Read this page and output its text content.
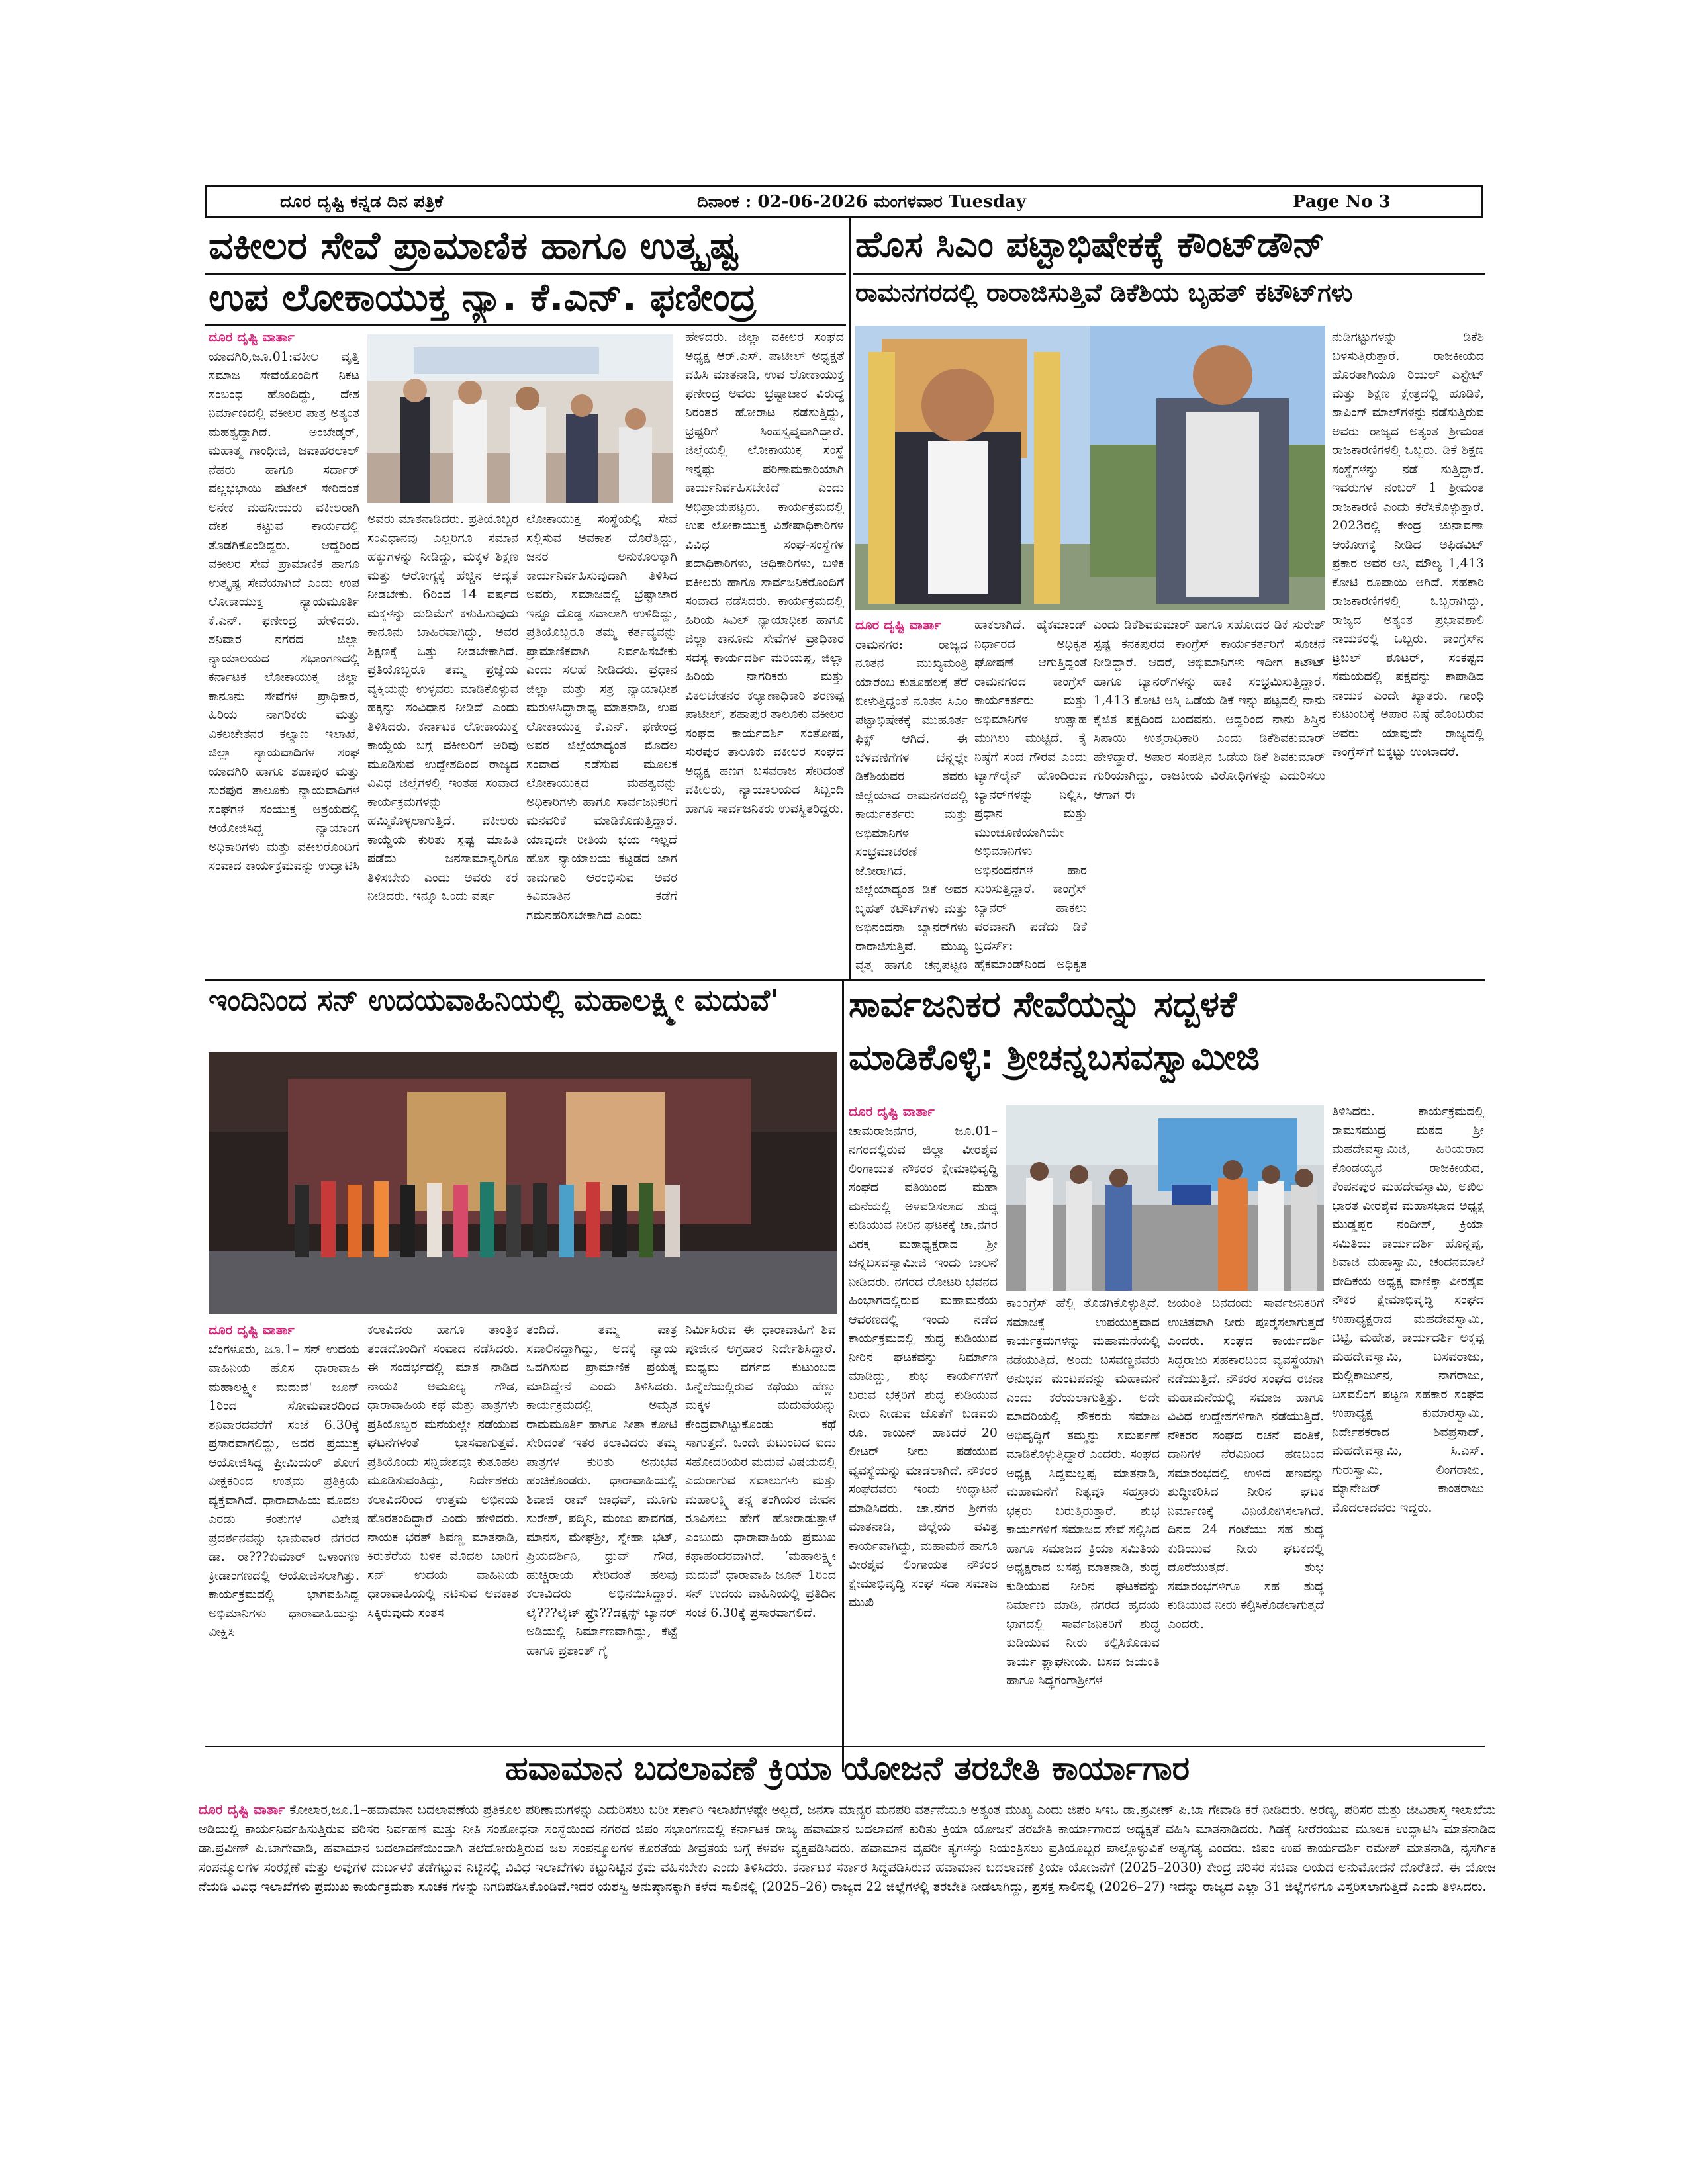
ದೂರ ದೃಷ್ಟಿ ಕನ್ನಡ ದಿನ ಪತ್ರಿಕೆ	ದಿನಾಂಕ : 02-06-2026 ಮಂಗಳವಾರ Tuesday	Page No 3
ವಕೀಲರ ಸೇವೆ ಪ್ರಾಮಾಣಿಕ ಹಾಗೂ ಉತ್ಕೃಷ್ಟ
ಉಪ ಲೋಕಾಯುಕ್ತ ನ್ಯಾ. ಕೆ.ಎನ್. ಫಣೀಂದ್ರ
ದೂರ ದೃಷ್ಟಿ ವಾರ್ತಾ
ಯಾದಗಿರಿ,ಜೂ.01:ವಕೀಲ ವೃತ್ತಿ ಸಮಾಜ ಸೇವೆಯೊಂದಿಗೆ ನಿಕಟ ಸಂಬಂಧ ಹೊಂದಿದ್ದು, ದೇಶ ನಿರ್ಮಾಣದಲ್ಲಿ ವಕೀಲರ ಪಾತ್ರ ಅತ್ಯಂತ ಮಹತ್ವದ್ದಾಗಿದೆ. ಅಂಬೇಡ್ಕರ್, ಮಹಾತ್ಮ ಗಾಂಧೀಜಿ, ಜವಾಹರಲಾಲ್ ನೆಹರು ಹಾಗೂ ಸರ್ದಾರ್ ವಲ್ಲಭಭಾಯಿ ಪಟೇಲ್ ಸೇರಿದಂತೆ ಅನೇಕ ಮಹನೀಯರು ವಕೀಲರಾಗಿ ದೇಶ ಕಟ್ಟುವ ಕಾರ್ಯದಲ್ಲಿ ತೊಡಗಿಕೊಂಡಿದ್ದರು. ಆದ್ದರಿಂದ ವಕೀಲರ ಸೇವೆ ಪ್ರಾಮಾಣಿಕ ಹಾಗೂ ಉತ್ಕೃಷ್ಟ ಸೇವೆಯಾಗಿದೆ ಎಂದು ಉಪ ಲೋಕಾಯುಕ್ತ ನ್ಯಾಯಮೂರ್ತಿ ಕೆ.ಎನ್. ಫಣೀಂದ್ರ ಹೇಳಿದರು. ಶನಿವಾರ ನಗರದ ಜಿಲ್ಲಾ ನ್ಯಾಯಾಲಯದ ಸಭಾಂಗಣದಲ್ಲಿ ಕರ್ನಾಟಕ ಲೋಕಾಯುಕ್ತ ಜಿಲ್ಲಾ ಕಾನೂನು ಸೇವೆಗಳ ಪ್ರಾಧಿಕಾರ, ಹಿರಿಯ ನಾಗರಿಕರು ಮತ್ತು ವಿಕಲಚೇತನರ ಕಲ್ಯಾಣ ಇಲಾಖೆ, ಜಿಲ್ಲಾ ನ್ಯಾಯವಾದಿಗಳ ಸಂಘ ಯಾದಗಿರಿ ಹಾಗೂ ಶಹಾಪುರ ಮತ್ತು ಸುರಪುರ ತಾಲೂಕು ನ್ಯಾಯವಾದಿಗಳ ಸಂಘಗಳ ಸಂಯುಕ್ತ ಆಶ್ರಯದಲ್ಲಿ ಆಯೋಜಿಸಿದ್ದ ನ್ಯಾಯಾಂಗ ಅಧಿಕಾರಿಗಳು ಮತ್ತು ವಕೀಲರೊಂದಿಗೆ ಸಂವಾದ ಕಾರ್ಯಕ್ರಮವನ್ನು ಉದ್ಘಾಟಿಸಿ
ಅವರು ಮಾತನಾಡಿದರು. ಪ್ರತಿಯೊಬ್ಬರ ಸಂವಿಧಾನವು ಎಲ್ಲರಿಗೂ ಸಮಾನ ಹಕ್ಕುಗಳನ್ನು ನೀಡಿದ್ದು, ಮಕ್ಕಳ ಶಿಕ್ಷಣ ಮತ್ತು ಆರೋಗ್ಯಕ್ಕೆ ಹೆಚ್ಚಿನ ಆದ್ಯತೆ ನೀಡಬೇಕು. 6ರಿಂದ 14 ವರ್ಷದ ಮಕ್ಕಳನ್ನು ದುಡಿಮೆಗೆ ಕಳುಹಿಸುವುದು ಕಾನೂನು ಬಾಹಿರವಾಗಿದ್ದು, ಅವರ ಶಿಕ್ಷಣಕ್ಕೆ ಒತ್ತು ನೀಡಬೇಕಾಗಿದೆ. ಪ್ರತಿಯೊಬ್ಬರೂ ತಮ್ಮ ಪ್ರಜ್ಞೆಯ ವ್ಯಕ್ತಿಯನ್ನು ಉಳ್ಳವರು ಮಾಡಿಕೊಳ್ಳುವ ಹಕ್ಕನ್ನು ಸಂವಿಧಾನ ನೀಡಿದೆ ಎಂದು ತಿಳಿಸಿದರು. ಕರ್ನಾಟಕ ಲೋಕಾಯುಕ್ತ ಕಾಯ್ದೆಯ ಬಗ್ಗೆ ವಕೀಲರಿಗೆ ಅರಿವು ಮೂಡಿಸುವ ಉದ್ದೇಶದಿಂದ ರಾಜ್ಯದ ವಿವಿಧ ಜಿಲ್ಲೆಗಳಲ್ಲಿ ಇಂತಹ ಸಂವಾದ ಕಾರ್ಯಕ್ರಮಗಳನ್ನು ಹಮ್ಮಿಕೊಳ್ಳಲಾಗುತ್ತಿದೆ. ವಕೀಲರು ಕಾಯ್ದೆಯ ಕುರಿತು ಸ್ಪಷ್ಟ ಮಾಹಿತಿ ಪಡೆದು ಜನಸಾಮಾನ್ಯರಿಗೂ ತಿಳಿಸಬೇಕು ಎಂದು ಅವರು ಕರೆ ನೀಡಿದರು. ಇನ್ನೂ ಒಂದು ವರ್ಷ
ಲೋಕಾಯುಕ್ತ ಸಂಸ್ಥೆಯಲ್ಲಿ ಸೇವೆ ಸಲ್ಲಿಸುವ ಅವಕಾಶ ದೊರೆತ್ತಿದ್ದು, ಜನರ ಅನುಕೂಲಕ್ಕಾಗಿ ಕಾರ್ಯನಿರ್ವಹಿಸುವುದಾಗಿ ತಿಳಿಸಿದ ಅವರು, ಸಮಾಜದಲ್ಲಿ ಭ್ರಷ್ಟಾಚಾರ ಇನ್ನೂ ದೊಡ್ಡ ಸವಾಲಾಗಿ ಉಳಿದಿದ್ದು, ಪ್ರತಿಯೊಬ್ಬರೂ ತಮ್ಮ ಕರ್ತವ್ಯವನ್ನು ಪ್ರಾಮಾಣಿಕವಾಗಿ ನಿರ್ವಹಿಸಬೇಕು ಎಂದು ಸಲಹೆ ನೀಡಿದರು. ಪ್ರಧಾನ ಜಿಲ್ಲಾ ಮತ್ತು ಸತ್ರ ನ್ಯಾಯಾಧೀಶ ಮರುಳಸಿದ್ಧಾರಾಧ್ಯ ಮಾತನಾಡಿ, ಉಪ ಲೋಕಾಯುಕ್ತ ಕೆ.ಎನ್. ಫಣೀಂದ್ರ ಅವರ ಜಿಲ್ಲೆಯಾದ್ಯಂತ ಮೊದಲ ಸಂವಾದ ನಡೆಸುವ ಮೂಲಕ ಲೋಕಾಯುಕ್ತದ ಮಹತ್ವವನ್ನು ಅಧಿಕಾರಿಗಳು ಹಾಗೂ ಸಾರ್ವಜನಿಕರಿಗೆ ಮನವರಿಕೆ ಮಾಡಿಕೊಡುತ್ತಿದ್ದಾರೆ. ಯಾವುದೇ ರೀತಿಯ ಭಯ ಇಲ್ಲದೆ ಹೊಸ ನ್ಯಾಯಾಲಯ ಕಟ್ಟಡದ ಜಾಗ ಕಾಮಗಾರಿ ಆರಂಭಿಸುವ ಅವರ ಕಿವಿಮಾತಿನ ಕಡೆಗೆ ಗಮನಹರಿಸಬೇಕಾಗಿದೆ ಎಂದು
ಹೇಳಿದರು. ಜಿಲ್ಲಾ ವಕೀಲರ ಸಂಘದ ಅಧ್ಯಕ್ಷ ಆರ್.ಎಸ್. ಪಾಟೀಲ್ ಅಧ್ಯಕ್ಷತೆ ವಹಿಸಿ ಮಾತನಾಡಿ, ಉಪ ಲೋಕಾಯುಕ್ತ ಫಣೀಂದ್ರ ಅವರು ಭ್ರಷ್ಟಾಚಾರ ವಿರುದ್ಧ ನಿರಂತರ ಹೋರಾಟ ನಡೆಸುತ್ತಿದ್ದು, ಭ್ರಷ್ಟರಿಗೆ ಸಿಂಹಸ್ವಪ್ನವಾಗಿದ್ದಾರೆ. ಜಿಲ್ಲೆಯಲ್ಲಿ ಲೋಕಾಯುಕ್ತ ಸಂಸ್ಥೆ ಇನ್ನಷ್ಟು ಪರಿಣಾಮಕಾರಿಯಾಗಿ ಕಾರ್ಯನಿರ್ವಹಿಸಬೇಕಿದೆ ಎಂದು ಅಭಿಪ್ರಾಯಪಟ್ಟರು. ಕಾರ್ಯಕ್ರಮದಲ್ಲಿ ಉಪ ಲೋಕಾಯುಕ್ತ ವಿಶೇಷಾಧಿಕಾರಿಗಳ ವಿವಿಧ ಸಂಘ-ಸಂಸ್ಥೆಗಳ ಪದಾಧಿಕಾರಿಗಳು, ಅಧಿಕಾರಿಗಳು, ಬಳಿಕ ವಕೀಲರು ಹಾಗೂ ಸಾರ್ವಜನಿಕರೊಂದಿಗೆ ಸಂವಾದ ನಡೆಸಿದರು. ಕಾರ್ಯಕ್ರಮದಲ್ಲಿ ಹಿರಿಯ ಸಿವಿಲ್ ನ್ಯಾಯಾಧೀಶ ಹಾಗೂ ಜಿಲ್ಲಾ ಕಾನೂನು ಸೇವೆಗಳ ಪ್ರಾಧಿಕಾರ ಸದಸ್ಯ ಕಾರ್ಯದರ್ಶಿ ಮರಿಯಪ್ಪ, ಜಿಲ್ಲಾ ಹಿರಿಯ ನಾಗರಿಕರು ಮತ್ತು ವಿಕಲಚೇತನರ ಕಲ್ಯಾಣಾಧಿಕಾರಿ ಶರಣಪ್ಪ ಪಾಟೀಲ್, ಶಹಾಪುರ ತಾಲೂಕು ವಕೀಲರ ಸಂಘದ ಕಾರ್ಯದರ್ಶಿ ಸಂತೋಷ, ಸುರಪುರ ತಾಲೂಕು ವಕೀಲರ ಸಂಘದ ಅಧ್ಯಕ್ಷ ಹಣಗ ಬಸವರಾಜ ಸೇರಿದಂತೆ ವಕೀಲರು, ನ್ಯಾಯಾಲಯದ ಸಿಬ್ಬಂದಿ ಹಾಗೂ ಸಾರ್ವಜನಿಕರು ಉಪಸ್ಥಿತರಿದ್ದರು.
ಹೊಸ ಸಿಎಂ ಪಟ್ಟಾಭಿಷೇಕಕ್ಕೆ ಕೌಂಟ್‌ಡೌನ್
ರಾಮನಗರದಲ್ಲಿ ರಾರಾಜಿಸುತ್ತಿವೆ ಡಿಕೆಶಿಯ ಬೃಹತ್ ಕಟೌಟ್‌ಗಳು
ನುಡಿಗಟ್ಟುಗಳನ್ನು ಡಿಕೆಶಿ ಬಳಸುತ್ತಿರುತ್ತಾರೆ. ರಾಜಕೀಯದ ಹೊರತಾಗಿಯೂ ರಿಯಲ್ ಎಸ್ಟೇಟ್ ಮತ್ತು ಶಿಕ್ಷಣ ಕ್ಷೇತ್ರದಲ್ಲಿ ಹೂಡಿಕೆ, ಶಾಪಿಂಗ್ ಮಾಲ್‌ಗಳನ್ನು ನಡೆಸುತ್ತಿರುವ ಅವರು ರಾಜ್ಯದ ಅತ್ಯಂತ ಶ್ರೀಮಂತ ರಾಜಕಾರಣಿಗಳಲ್ಲಿ ಒಬ್ಬರು. ಡಿಕೆ ಶಿಕ್ಷಣ ಸಂಸ್ಥೆಗಳನ್ನು ನಡೆ ಸುತ್ತಿದ್ದಾರೆ. ಇವರುಗಳ ನಂಬರ್ 1 ಶ್ರೀಮಂತ ರಾಜಕಾರಣಿ ಎಂದು ಕರೆಸಿಕೊಳ್ಳುತ್ತಾರೆ. 2023ರಲ್ಲಿ ಕೇಂದ್ರ ಚುನಾವಣಾ ಆಯೋಗಕ್ಕೆ ನೀಡಿದ ಅಫಿಡವಿಟ್ ಪ್ರಕಾರ ಅವರ ಆಸ್ತಿ ಮೌಲ್ಯ 1,413 ಕೋಟಿ ರೂಪಾಯಿ ಆಗಿದೆ. ಸಹಕಾರಿ ರಾಜಕಾರಣಿಗಳಲ್ಲಿ ಒಬ್ಬರಾಗಿದ್ದು, ರಾಜ್ಯದ ಅತ್ಯಂತ ಪ್ರಭಾವಶಾಲಿ ನಾಯಕರಲ್ಲಿ ಒಬ್ಬರು. ಕಾಂಗ್ರೆಸ್‌ನ ಟ್ರಬಲ್ ಶೂಟರ್, ಸಂಕಷ್ಟದ ಸಮಯದಲ್ಲಿ ಪಕ್ಷವನ್ನು ಕಾಪಾಡಿದ ನಾಯಕ ಎಂದೇ ಖ್ಯಾತರು. ಗಾಂಧಿ ಕುಟುಂಬಕ್ಕೆ ಅಪಾರ ನಿಷ್ಠೆ ಹೊಂದಿರುವ ಅವರು ಯಾವುದೇ ರಾಜ್ಯದಲ್ಲಿ ಕಾಂಗ್ರೆಸ್‌ಗೆ ಬಿಕ್ಕಟ್ಟು ಉಂಟಾದರೆ.
ದೂರ ದೃಷ್ಟಿ ವಾರ್ತಾ
ರಾಮನಗರ: ರಾಜ್ಯದ ನೂತನ ಮುಖ್ಯಮಂತ್ರಿ ಯಾರೆಂಬ ಕುತೂಹಲಕ್ಕೆ ತೆರೆ ಬೀಳುತ್ತಿದ್ದಂತೆ ನೂತನ ಸಿಎಂ ಪಟ್ಟಾಭಿಷೇಕಕ್ಕೆ ಮುಹೂರ್ತ ಫಿಕ್ಸ್ ಆಗಿದೆ. ಈ ಬೆಳವಣಿಗೆಗಳ ಬೆನ್ನಲ್ಲೇ ಡಿಕೆಶಿಯವರ ತವರು ಜಿಲ್ಲೆಯಾದ ರಾಮನಗರದಲ್ಲಿ ಕಾರ್ಯಕರ್ತರು ಮತ್ತು ಅಭಿಮಾನಿಗಳ ಸಂಭ್ರಮಾಚರಣೆ ಜೋರಾಗಿದೆ. ಜಿಲ್ಲೆಯಾದ್ಯಂತ ಡಿಕೆ ಅವರ ಬೃಹತ್ ಕಟೌಟ್‌ಗಳು ಮತ್ತು ಅಭಿನಂದನಾ ಬ್ಯಾನರ್‌ಗಳು ರಾರಾಜಿಸುತ್ತಿವೆ. ಮುಖ್ಯ ವೃತ್ತ ಹಾಗೂ ಚನ್ನಪಟ್ಟಣ
ಹಾಕಲಾಗಿದೆ. ಹೈಕಮಾಂಡ್ ನಿರ್ಧಾರದ ಅಧಿಕೃತ ಘೋಷಣೆ ಆಗುತ್ತಿದ್ದಂತೆ ರಾಮನಗರದ ಕಾಂಗ್ರೆಸ್ ಕಾರ್ಯಕರ್ತರು ಮತ್ತು ಅಭಿಮಾನಿಗಳ ಉತ್ಸಾಹ ಮುಗಿಲು ಮುಟ್ಟಿದೆ. ಕೈ ನಿಷ್ಠೆಗೆ ಸಂದ ಗೌರವ ಎಂದು ಟ್ಯಾಗ್‌ಲೈನ್ ಹೊಂದಿರುವ ಬ್ಯಾನರ್‌ಗಳನ್ನು ನಿಲ್ಲಿಸಿ, ಪ್ರಧಾನ ಮತ್ತು ಮುಂಚೂಣಿಯಾಗಿಯೇ ಅಭಿಮಾನಿಗಳು ಅಭಿನಂದನೆಗಳ ಹಾರ ಸುರಿಸುತ್ತಿದ್ದಾರೆ. ಕಾಂಗ್ರೆಸ್ ಬ್ಯಾನರ್ ಹಾಕಲು ಪರವಾನಗಿ ಪಡೆದು ಡಿಕೆ ಬ್ರದರ್ಸ್: ಹೈಕಮಾಂಡ್‌ನಿಂದ ಅಧಿಕೃತ
ಎಂದು ಡಿಕೆಶಿವಕುಮಾರ್ ಹಾಗೂ ಸಹೋದರ ಡಿಕೆ ಸುರೇಶ್ ಸ್ಪಷ್ಟ ಕನಕಪುರದ ಕಾಂಗ್ರೆಸ್ ಕಾರ್ಯಕರ್ತರಿಗೆ ಸೂಚನೆ ನೀಡಿದ್ದಾರೆ. ಆದರೆ, ಅಭಿಮಾನಿಗಳು ಇದೀಗ ಕಟೌಟ್ ಹಾಗೂ ಬ್ಯಾನರ್‌ಗಳನ್ನು ಹಾಕಿ ಸಂಭ್ರಮಿಸುತ್ತಿದ್ದಾರೆ. 1,413 ಕೋಟಿ ಆಸ್ತಿ ಒಡೆಯ ಡಿಕೆ ಇನ್ನು ಪಟ್ಟದಲ್ಲಿ ನಾನು ಕೈಜಿತ ಪಕ್ಷದಿಂದ ಬಂದವನು. ಆದ್ದರಿಂದ ನಾನು ಶಿಸ್ತಿನ ಸಿಪಾಯಿ ಉತ್ತರಾಧಿಕಾರಿ ಎಂದು ಡಿಕೆಶಿವಕುಮಾರ್ ಹೇಳಿದ್ದಾರೆ. ಅಪಾರ ಸಂಪತ್ತಿನ ಒಡೆಯ ಡಿಕೆ ಶಿವಕುಮಾರ್ ಗುರಿಯಾಗಿದ್ದು, ರಾಜಕೀಯ ವಿರೋಧಿಗಳನ್ನು ಎದುರಿಸಲು ಆಗಾಗ ಈ
ಇಂದಿನಿಂದ ಸನ್ ಉದಯವಾಹಿನಿಯಲ್ಲಿ ಮಹಾಲಕ್ಷ್ಮೀ ಮದುವೆ'
ದೂರ ದೃಷ್ಟಿ ವಾರ್ತಾ
ಬೆಂಗಳೂರು, ಜೂ.1– ಸನ್ ಉದಯ ವಾಹಿನಿಯ ಹೊಸ ಧಾರಾವಾಹಿ ಮಹಾಲಕ್ಷ್ಮೀ ಮದುವೆ' ಜೂನ್ 1ರಿಂದ ಸೋಮವಾರದಿಂದ ಶನಿವಾರದವರೆಗೆ ಸಂಜೆ 6.30ಕ್ಕೆ ಪ್ರಸಾರವಾಗಲಿದ್ದು, ಅದರ ಪ್ರಯುಕ್ತ ಆಯೋಜಿಸಿದ್ದ ಪ್ರೀಮಿಯರ್ ಶೋಗೆ ವೀಕ್ಷಕರಿಂದ ಉತ್ತಮ ಪ್ರತಿಕ್ರಿಯೆ ವ್ಯಕ್ತವಾಗಿದೆ. ಧಾರಾವಾಹಿಯ ಮೊದಲ ಎರಡು ಕಂತುಗಳ ವಿಶೇಷ ಪ್ರದರ್ಶನವನ್ನು ಭಾನುವಾರ ನಗರದ ಡಾ. ರಾ???ಕುಮಾರ್ ಒಳಾಂಗಣ ಕ್ರೀಡಾಂಗಣದಲ್ಲಿ ಆಯೋಜಿಸಲಾಗಿತ್ತು. ಕಾರ್ಯಕ್ರಮದಲ್ಲಿ ಭಾಗವಹಿಸಿದ್ದ ಅಭಿಮಾನಿಗಳು ಧಾರಾವಾಹಿಯನ್ನು ವೀಕ್ಷಿಸಿ
ಕಲಾವಿದರು ಹಾಗೂ ತಾಂತ್ರಿಕ ತಂಡದೊಂದಿಗೆ ಸಂವಾದ ನಡೆಸಿದರು. ಈ ಸಂದರ್ಭದಲ್ಲಿ ಮಾತ ನಾಡಿದ ನಾಯಕಿ ಅಮೂಲ್ಯ ಗೌಡ, ಧಾರಾವಾಹಿಯ ಕಥೆ ಮತ್ತು ಪಾತ್ರಗಳು ಪ್ರತಿಯೊಬ್ಬರ ಮನೆಯಲ್ಲೇ ನಡೆಯುವ ಘಟನೆಗಳಂತೆ ಭಾಸವಾಗುತ್ತವೆ. ಪ್ರತಿಯೊಂದು ಸನ್ನಿವೇಶವೂ ಕುತೂಹಲ ಮೂಡಿಸುವಂತಿದ್ದು, ನಿರ್ದೇಶಕರು ಕಲಾವಿದರಿಂದ ಉತ್ತಮ ಅಭಿನಯ ಹೊರತಂದಿದ್ದಾರೆ ಎಂದು ಹೇಳಿದರು. ನಾಯಕ ಭರತ್ ಶಿವಣ್ಣ ಮಾತನಾಡಿ, ಕಿರುತೆರೆಯ ಬಳಿಕ ಮೊದಲ ಬಾರಿಗೆ ಸನ್ ಉದಯ ವಾಹಿನಿಯ ಧಾರಾವಾಹಿಯಲ್ಲಿ ನಟಿಸುವ ಅವಕಾಶ ಸಿಕ್ಕಿರುವುದು ಸಂತಸ
ತಂದಿದೆ. ತಮ್ಮ ಪಾತ್ರ ಸವಾಲಿನದ್ದಾಗಿದ್ದು, ಅದಕ್ಕೆ ನ್ಯಾಯ ಒದಗಿಸುವ ಪ್ರಾಮಾಣಿಕ ಪ್ರಯತ್ನ ಮಾಡಿದ್ದೇನೆ ಎಂದು ತಿಳಿಸಿದರು. ಕಾರ್ಯಕ್ರಮದಲ್ಲಿ ಅಮೃತ ರಾಮಮೂರ್ತಿ ಹಾಗೂ ಸೀತಾ ಕೋಟಿ ಸೇರಿದಂತೆ ಇತರ ಕಲಾವಿದರು ತಮ್ಮ ಪಾತ್ರಗಳ ಕುರಿತು ಅನುಭವ ಹಂಚಿಕೊಂಡರು. ಧಾರಾವಾಹಿಯಲ್ಲಿ ಶಿವಾಜಿ ರಾವ್ ಜಾಧವ್, ಮೂಗು ಸುರೇಶ್, ಪದ್ಮಿನಿ, ಮಂಜು ಪಾವಗಡ, ಮಾನಸ, ಮೇಘಶ್ರೀ, ಸ್ನೇಹಾ ಭಟ್, ಪ್ರಿಯದರ್ಶಿನಿ, ಧ್ರುವ್ ಗೌಡ, ಹುಚ್ಚಿರಾಯ ಸೇರಿದಂತೆ ಹಲವು ಕಲಾವಿದರು ಅಭಿನಯಿಸಿದ್ದಾರೆ. ಲೈ???ಲೈಟ್ ಫ್ರೊ??ಡಕ್ಷನ್ಸ್ ಬ್ಯಾನರ್ ಅಡಿಯಲ್ಲಿ ನಿರ್ಮಾಣವಾಗಿದ್ದು, ಕೆಟ್ಟೆ ಹಾಗೂ ಪ್ರಶಾಂತ್ ಗೈ
ನಿರ್ಮಿಸಿರುವ ಈ ಧಾರಾವಾಹಿಗೆ ಶಿವ ಪೂಜೀನ ಅಗ್ರಹಾರ ನಿರ್ದೇಶಿಸಿದ್ದಾರೆ. ಮಧ್ಯಮ ವರ್ಗದ ಕುಟುಂಬದ ಹಿನ್ನೆಲೆಯಲ್ಲಿರುವ ಕಥೆಯು ಹೆಣ್ಣು ಮಕ್ಕಳ ಮದುವೆಯನ್ನು ಕೇಂದ್ರವಾಗಿಟ್ಟುಕೊಂಡು ಕಥೆ ಸಾಗುತ್ತದೆ. ಒಂದೇ ಕುಟುಂಬದ ಐದು ಸಹೋದರಿಯರ ಮದುವೆ ವಿಷಯದಲ್ಲಿ ಎದುರಾಗುವ ಸವಾಲುಗಳು ಮತ್ತು ಮಹಾಲಕ್ಷ್ಮಿ ತನ್ನ ತಂಗಿಯರ ಜೀವನ ರೂಪಿಸಲು ಹೇಗೆ ಹೋರಾಡುತ್ತಾಳೆ ಎಂಬುದು ಧಾರಾವಾಹಿಯ ಪ್ರಮುಖ ಕಥಾಹಂದರವಾಗಿದೆ. ‘ಮಹಾಲಕ್ಷ್ಮೀ ಮದುವೆ' ಧಾರಾವಾಹಿ ಜೂನ್ 1ರಿಂದ ಸನ್ ಉದಯ ವಾಹಿನಿಯಲ್ಲಿ ಪ್ರತಿದಿನ ಸಂಜೆ 6.30ಕ್ಕೆ ಪ್ರಸಾರವಾಗಲಿದೆ.
ಸಾರ್ವಜನಿಕರ ಸೇವೆಯನ್ನು ಸದ್ಬಳಕೆ
ಮಾಡಿಕೊಳ್ಳಿ: ಶ್ರೀಚನ್ನಬಸವಸ್ವಾಮೀಜಿ
ದೂರ ದೃಷ್ಟಿ ವಾರ್ತಾ
ಚಾಮರಾಜನಗರ, ಜೂ.01– ನಗರದಲ್ಲಿರುವ ಜಿಲ್ಲಾ ವೀರಶೈವ ಲಿಂಗಾಯತ ನೌಕರರ ಕ್ಷೇಮಾಭಿವೃದ್ಧಿ ಸಂಘದ ವತಿಯಿಂದ ಮಹಾ ಮನೆಯಲ್ಲಿ ಅಳವಡಿಸಲಾದ ಶುದ್ಧ ಕುಡಿಯುವ ನೀರಿನ ಘಟಕಕ್ಕೆ ಚಾ.ನಗರ ವಿರಕ್ತ ಮಠಾಧ್ಯಕ್ಷರಾದ ಶ್ರೀ ಚನ್ನಬಸವಸ್ವಾಮೀಜಿ ಇಂದು ಚಾಲನೆ ನೀಡಿದರು. ನಗರದ ರೋಟರಿ ಭವನದ ಹಿಂಭಾಗದಲ್ಲಿರುವ ಮಹಾಮನೆಯ ಆವರಣದಲ್ಲಿ ಇಂದು ನಡೆದ ಕಾರ್ಯಕ್ರಮದಲ್ಲಿ ಶುದ್ಧ ಕುಡಿಯುವ ನೀರಿನ ಘಟಕವನ್ನು ನಿರ್ಮಾಣ ಮಾಡಿದ್ದು, ಶುಭ ಕಾರ್ಯಗಳಿಗೆ ಬರುವ ಭಕ್ತರಿಗೆ ಶುದ್ಧ ಕುಡಿಯುವ ನೀರು ನೀಡುವ ಜೊತೆಗೆ ಬಡವರು ರೂ. ಕಾಯಿನ್ ಹಾಕಿದರೆ 20 ಲೀಟರ್ ನೀರು ಪಡೆಯುವ ವ್ಯವಸ್ಥೆಯನ್ನು ಮಾಡಲಾಗಿದೆ. ನೌಕರರ ಸಂಘದವರು ಇಂದು ಉದ್ಘಾಟನೆ ಮಾಡಿಸಿದರು. ಚಾ.ನಗರ ಶ್ರೀಗಳು ಮಾತನಾಡಿ, ಜಿಲ್ಲೆಯ ಪವಿತ್ರ ಕಾರ್ಯವಾಗಿದ್ದು, ಮಹಾಮನೆ ಹಾಗೂ ವೀರಶೈವ ಲಿಂಗಾಯತ ನೌಕರರ ಕ್ಷೇಮಾಭಿವೃದ್ಧಿ ಸಂಘ ಸದಾ ಸಮಾಜ ಮುಖಿ
ತಿಳಿಸಿದರು. ಕಾರ್ಯಕ್ರಮದಲ್ಲಿ ರಾಮಸಮುದ್ರ ಮಠದ ಶ್ರೀ ಮಹದೇವಸ್ವಾಮಿಜಿ, ಹಿರಿಯರಾದ ಕೊಂಡಯ್ಯನ ರಾಜಕೀಯದ, ಕೆಂಪನಪುರ ಮಹದೇವಸ್ವಾಮಿ, ಅಖಿಲ ಭಾರತ ವೀರಶೈವ ಮಹಾಸಭಾದ ಅಧ್ಯಕ್ಷ ಮುಡ್ಡಪ್ಪರ ನಂದೀಶ್, ಕ್ರಿಯಾ ಸಮಿತಿಯ ಕಾರ್ಯದರ್ಶಿ ಹೊನ್ನಪ್ಪ, ಶಿವಾಜಿ ಮಹಾಸ್ವಾಮಿ, ಚಂದನಮಾಲೆ ವೇದಿಕೆಯ ಅಧ್ಯಕ್ಷ ವಾಣಿಕ್ಕಾ ವೀರಶೈವ ನೌಕರ ಕ್ಷೇಮಾಭಿವೃದ್ಧಿ ಸಂಘದ ಉಪಾಧ್ಯಕ್ಷರಾದ ಮಹದೇವಸ್ವಾಮಿ, ಚಿಟ್ಟಿ, ಮಹೇಶ, ಕಾರ್ಯದರ್ಶಿ ಅಕ್ಕಪ್ಪ ಮಹದೇವಸ್ವಾಮಿ, ಬಸವರಾಜು, ಮಲ್ಲಿಕಾರ್ಜುನ, ನಾಗರಾಜು, ಬಸವಲಿಂಗ ಪಟ್ಟಣ ಸಹಕಾರ ಸಂಘದ ಉಪಾಧ್ಯಕ್ಷ ಕುಮಾರಸ್ವಾಮಿ, ನಿರ್ದೇಶಕರಾದ ಶಿವಪ್ರಸಾದ್, ಮಹದೇವಸ್ವಾಮಿ, ಸಿ.ಎಸ್. ಗುರುಸ್ವಾಮಿ, ಲಿಂಗರಾಜು, ಮ್ಯಾನೇಜರ್ ಕಾಂತರಾಜು ಮೊದಲಾದವರು ಇದ್ದರು.
ಕಾಂ೦ಗ್ರೆಸ್ ಹೆಲ್ಲಿ ತೊಡಗಿಕೊಳ್ಳುತ್ತಿದೆ. ಸಮಾಜಕ್ಕೆ ಉಪಯುಕ್ತವಾದ ಕಾರ್ಯಕ್ರಮಗಳನ್ನು ಮಹಾಮನೆಯಲ್ಲಿ ನಡೆಯುತ್ತಿದೆ. ಅಂದು ಬಸವಣ್ಣನವರು ಅನುಭವ ಮಂಟಪವನ್ನು ಮಹಾಮನೆ ಎಂದು ಕರೆಯಲಾಗುತ್ತಿತ್ತು. ಅದೇ ಮಾದರಿಯಲ್ಲಿ ನೌಕರರು ಸಮಾಜ ಅಭಿವೃದ್ಧಿಗೆ ತಮ್ಮನ್ನು ಸಮರ್ಪಣೆ ಮಾಡಿಕೊಳ್ಳುತ್ತಿದ್ದಾರೆ ಎಂದರು. ಸಂಘದ ಅಧ್ಯಕ್ಷ ಸಿದ್ದಮಲ್ಲಪ್ಪ ಮಾತನಾಡಿ, ಮಹಾಮನೆಗೆ ನಿತ್ಯವೂ ಸಹಸ್ರಾರು ಭಕ್ತರು ಬರುತ್ತಿರುತ್ತಾರೆ. ಶುಭ ಕಾರ್ಯಗಳಿಗೆ ಸಮಾಜದ ಸೇವೆ ಸಲ್ಲಿಸಿದ ಹಾಗೂ ಸಮಾಜದ ಕ್ರಿಯಾ ಸಮಿತಿಯ ಅಧ್ಯಕ್ಷರಾದ ಬಸಪ್ಪ ಮಾತನಾಡಿ, ಶುದ್ಧ ಕುಡಿಯುವ ನೀರಿನ ಘಟಕವನ್ನು ನಿರ್ಮಾಣ ಮಾಡಿ, ನಗರದ ಹೃದಯ ಭಾಗದಲ್ಲಿ ಸಾರ್ವಜನಿಕರಿಗೆ ಶುದ್ಧ ಕುಡಿಯುವ ನೀರು ಕಲ್ಪಿಸಿಕೊಡುವ ಕಾರ್ಯ ಶ್ಲಾಘನೀಯ. ಬಸವ ಜಯಂತಿ ಹಾಗೂ ಸಿದ್ಧಗಂಗಾಶ್ರೀಗಳ
ಜಯಂತಿ ದಿನದಂದು ಸಾರ್ವಜನಿಕರಿಗೆ ಉಚಿತವಾಗಿ ನೀರು ಪೂರೈಸಲಾಗುತ್ತದೆ ಎಂದರು. ಸಂಘದ ಕಾರ್ಯದರ್ಶಿ ಸಿದ್ದರಾಜು ಸಹಕಾರದಿಂದ ವ್ಯವಸ್ಥೆಯಾಗಿ ನಡೆಯುತ್ತಿದೆ. ನೌಕರರ ಸಂಘದ ರಚನಾ ಮಹಾಮನೆಯಲ್ಲಿ ಸಮಾಜ ಹಾಗೂ ವಿವಿಧ ಉದ್ದೇಶಗಳಿಗಾಗಿ ನಡೆಯುತ್ತಿದೆ. ನೌಕರರ ಸಂಘದ ರಚನೆ ವಂತಿಕೆ, ದಾನಿಗಳ ನೆರವಿನಿಂದ ಹಣದಿಂದ ಸಮಾರಂಭದಲ್ಲಿ ಉಳಿದ ಹಣವನ್ನು ಶುದ್ಧೀಕರಿಸಿದ ನೀರಿನ ಘಟಕ ನಿರ್ಮಾಣಕ್ಕೆ ವಿನಿಯೋಗಿಸಲಾಗಿದೆ. ದಿನದ 24 ಗಂಟೆಯು ಸಹ ಶುದ್ಧ ಕುಡಿಯುವ ನೀರು ಘಟಕದಲ್ಲಿ ದೊರೆಯುತ್ತದೆ. ಶುಭ ಸಮಾರಂಭಗಳಿಗೂ ಸಹ ಶುದ್ಧ ಕುಡಿಯುವ ನೀರು ಕಲ್ಪಿಸಿಕೊಡಲಾಗುತ್ತದೆ ಎಂದರು.
ಹವಾಮಾನ ಬದಲಾವಣೆ ಕ್ರಿಯಾ ಯೋಜನೆ ತರಬೇತಿ ಕಾರ್ಯಾಗಾರ
ದೂರ ದೃಷ್ಟಿ ವಾರ್ತಾ ಕೋಲಾರ,ಜೂ.1–ಹವಾಮಾನ ಬದಲಾವಣೆಯ ಪ್ರತಿಕೂಲ ಪರಿಣಾಮಗಳನ್ನು ಎದುರಿಸಲು ಬರೀ ಸರ್ಕಾರಿ ಇಲಾಖೆಗಳಷ್ಟೇ ಅಲ್ಲದೆ, ಜನಸಾ ಮಾನ್ಯರ ಮನಪರಿ ವರ್ತನೆಯೂ ಅತ್ಯಂತ ಮುಖ್ಯ ಎಂದು ಜಿಪಂ ಸಿಇಒ ಡಾ.ಪ್ರವೀಣ್ ಪಿ.ಬಾ ಗೇವಾಡಿ ಕರೆ ನೀಡಿದರು. ಅರಣ್ಯ, ಪರಿಸರ ಮತ್ತು ಜೀವಿಶಾಸ್ತ್ರ ಇಲಾಖೆಯ ಅಡಿಯಲ್ಲಿ ಕಾರ್ಯನಿರ್ವಹಿಸುತ್ತಿರುವ ಪರಿಸರ ನಿರ್ವಹಣೆ ಮತ್ತು ನೀತಿ ಸಂಶೋಧನಾ ಸಂಸ್ಥೆಯಿಂದ ನಗರದ ಜಿಪಂ ಸಭಾಂಗಣದಲ್ಲಿ ಕರ್ನಾಟಕ ರಾಜ್ಯ ಹವಾಮಾನ ಬದಲಾವಣೆ ಕುರಿತು ಕ್ರಿಯಾ ಯೋಜನೆ ತರಬೇತಿ ಕಾರ್ಯಾಗಾರದ ಅಧ್ಯಕ್ಷತೆ ವಹಿಸಿ ಮಾತನಾಡಿದರು. ಗಿಡಕ್ಕೆ ನೀರೆರೆಯುವ ಮೂಲಕ ಉದ್ಘಾಟಿಸಿ ಮಾತನಾಡಿದ ಡಾ.ಪ್ರವೀಣ್ ಪಿ.ಬಾಗೇವಾಡಿ, ಹವಾಮಾನ ಬದಲಾವಣೆಯಿಂದಾಗಿ ತಲೆದೋರುತ್ತಿರುವ ಜಲ ಸಂಪನ್ಮೂಲಗಳ ಕೊರತೆಯ ತೀವ್ರತೆಯ ಬಗ್ಗೆ ಕಳವಳ ವ್ಯಕ್ತಪಡಿಸಿದರು. ಹವಾಮಾನ ವೈಪರೀ ತ್ಯಗಳನ್ನು ನಿಯಂತ್ರಿಸಲು ಪ್ರತಿಯೊಬ್ಬರ ಪಾಲ್ಗೊಳ್ಳುವಿಕೆ ಅತ್ಯಗತ್ಯ ಎಂದರು. ಜಿಪಂ ಉಪ ಕಾರ್ಯದರ್ಶಿ ರಮೇಶ್ ಮಾತನಾಡಿ, ನೈಸರ್ಗಿಕ ಸಂಪನ್ಮೂಲಗಳ ಸಂರಕ್ಷಣೆ ಮತ್ತು ಅವುಗಳ ದುರ್ಬಳಕೆ ತಡೆಗಟ್ಟುವ ನಿಟ್ಟಿನಲ್ಲಿ ವಿವಿಧ ಇಲಾಖೆಗಳು ಕಟ್ಟುನಿಟ್ಟಿನ ಕ್ರಮ ವಹಿಸಬೇಕು ಎಂದು ತಿಳಿಸಿದರು. ಕರ್ನಾಟಕ ಸರ್ಕಾರ ಸಿದ್ಧಪಡಿಸಿರುವ ಹವಾಮಾನ ಬದಲಾವಣೆ ಕ್ರಿಯಾ ಯೋಜನೆಗೆ (2025–2030) ಕೇಂದ್ರ ಪರಿಸರ ಸಚಿವಾ ಲಯದ ಅನುಮೋದನೆ ದೊರೆತಿದೆ. ಈ ಯೋಜ ನೆಯಡಿ ವಿವಿಧ ಇಲಾಖೆಗಳು ಪ್ರಮುಖ ಕಾರ್ಯಕ್ರಮತಾ ಸೂಚಕ ಗಳನ್ನು ನಿಗದಿಪಡಿಸಿಕೊಂಡಿವೆ.ಇದರ ಯಶಸ್ವಿ ಅನುಷ್ಠಾನಕ್ಕಾಗಿ ಕಳೆದ ಸಾಲಿನಲ್ಲಿ (2025–26) ರಾಜ್ಯದ 22 ಜಿಲ್ಲೆಗಳಲ್ಲಿ ತರಬೇತಿ ನೀಡಲಾಗಿದ್ದು, ಪ್ರಸಕ್ತ ಸಾಲಿನಲ್ಲಿ (2026–27) ಇದನ್ನು ರಾಜ್ಯದ ಎಲ್ಲಾ 31 ಜಿಲ್ಲೆಗಳಿಗೂ ವಿಸ್ತರಿಸಲಾಗುತ್ತಿದೆ ಎಂದು ತಿಳಿಸಿದರು.
